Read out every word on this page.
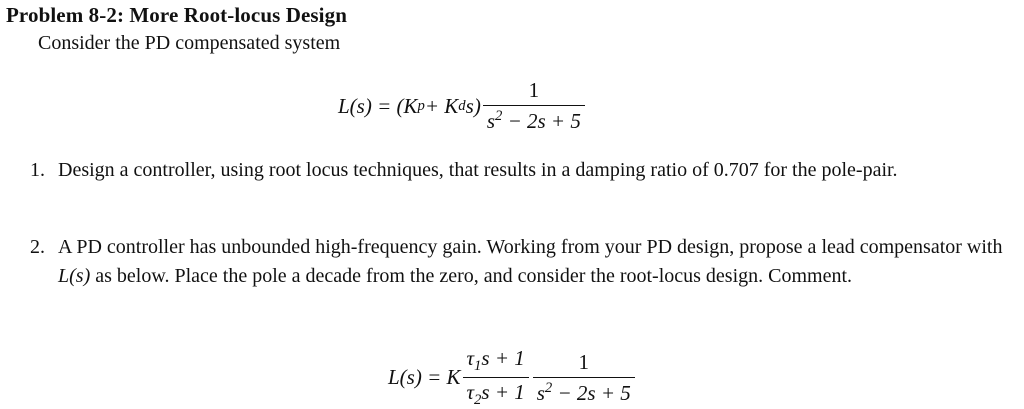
Problem 8-2: More Root-locus Design
Consider the PD compensated system
L(s) = (K p + K d $s) \frac{1}{s^2 - 2s + 5}$
1. Design a controller, using root locus techniques, that results in a damping ratio of 0.707 for the pole-pair.
2. A PD controller has unbounded high-frequency gain. Working from your PD design, propose a lead compensator with L(s) as below. Place the pole a decade from the zero, and consider the root-locus design. Comment.
L(s) = K $\frac{\tau_1s + 1}{\tau_2s + 1} \frac{1}{s^2 - 2s + 5}$
